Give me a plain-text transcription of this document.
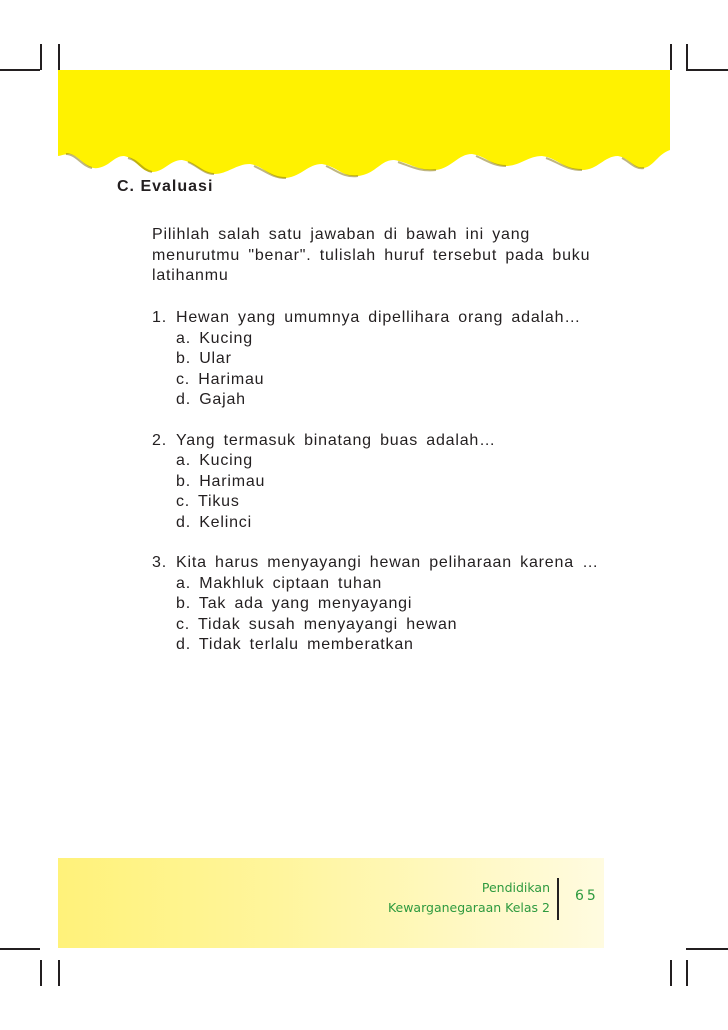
C. Evaluasi

Pilihlah salah satu jawaban di bawah ini yang menurutmu "benar". tulislah huruf tersebut pada buku latihanmu

1. Hewan yang umumnya dipellihara orang adalah…
a. Kucing
b. Ular
c. Harimau
d. Gajah
2. Yang termasuk binatang buas adalah…
a. Kucing
b. Harimau
c. Tikus
d. Kelinci
3. Kita harus menyayangi hewan peliharaan karena …
a. Makhluk ciptaan tuhan
b. Tak ada yang menyayangi
c. Tidak susah menyayangi hewan
d. Tidak terlalu memberatkan
Pendidikan
Kewarganegaraan Kelas 2
65
